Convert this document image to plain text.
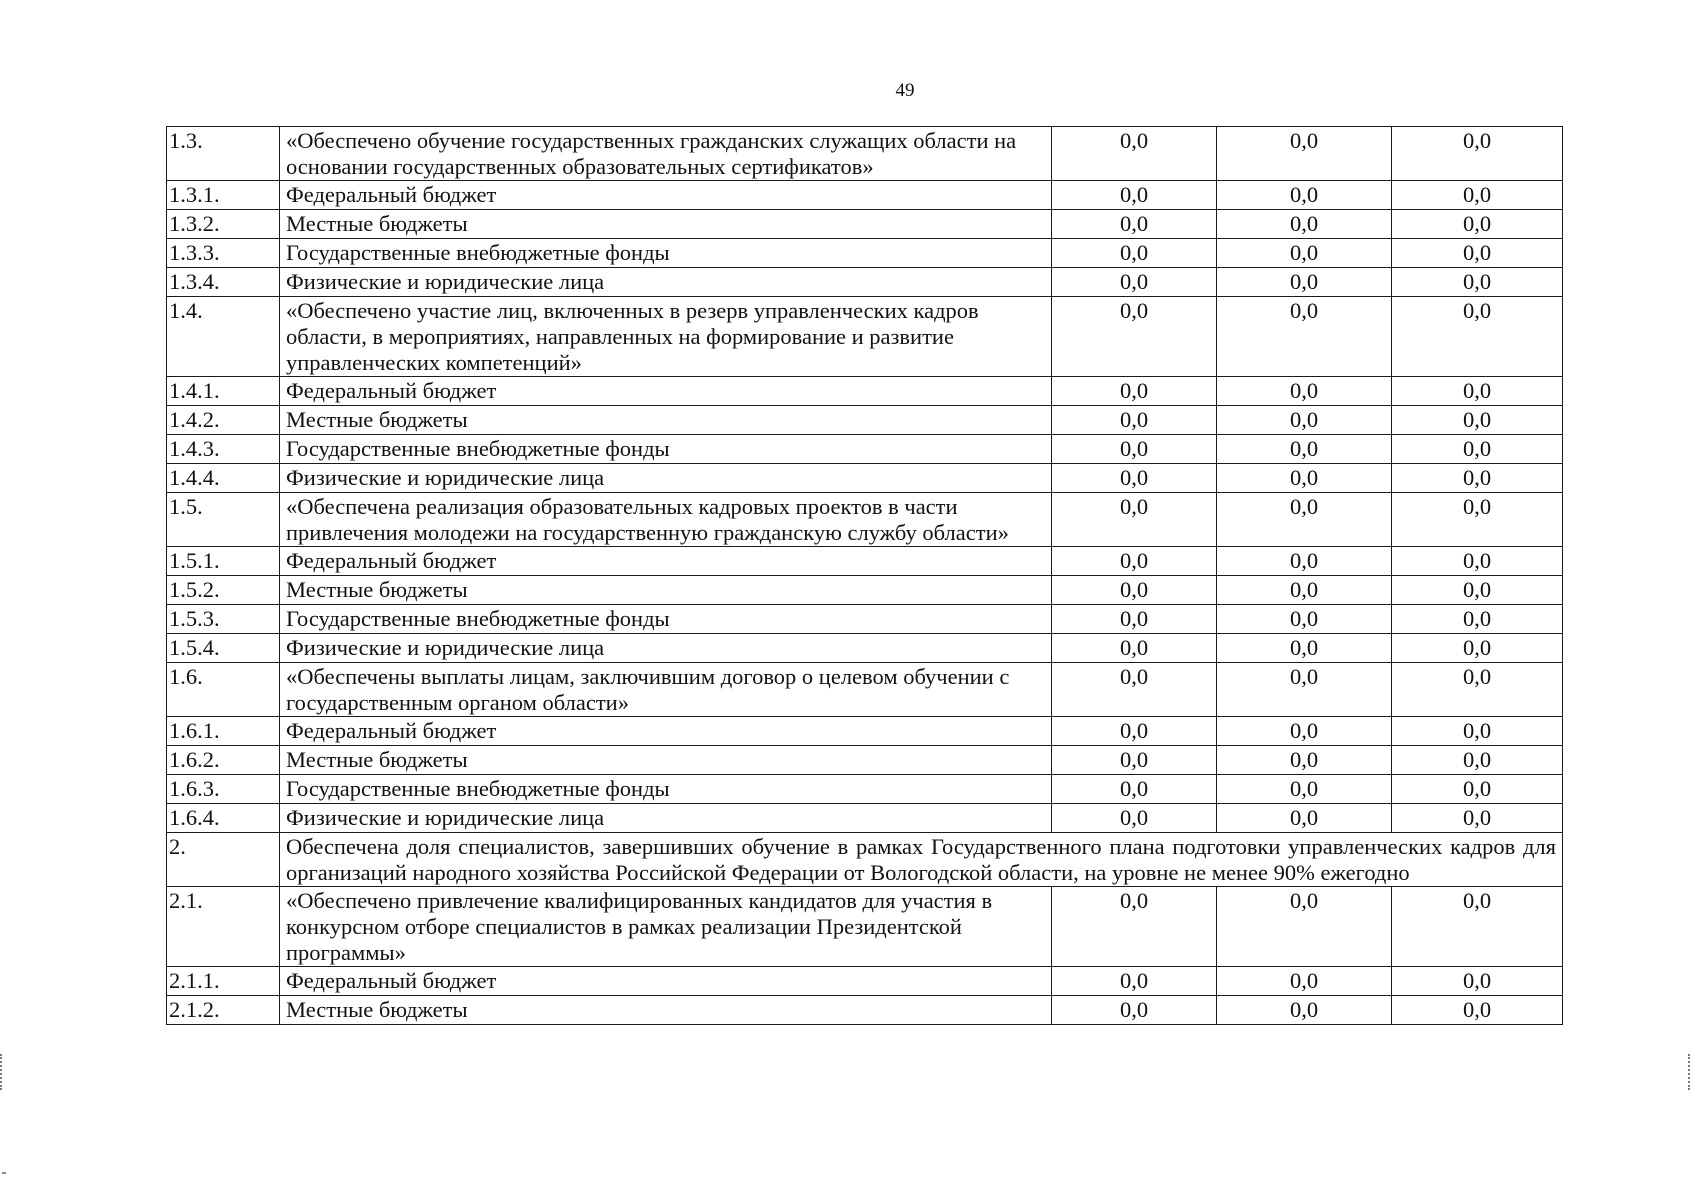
49
1.3.	«Обеспечено обучение государственных гражданских служащих области на основании государственных образовательных сертификатов»	0,0	0,0	0,0
1.3.1.	Федеральный бюджет	0,0	0,0	0,0
1.3.2.	Местные бюджеты	0,0	0,0	0,0
1.3.3.	Государственные внебюджетные фонды	0,0	0,0	0,0
1.3.4.	Физические и юридические лица	0,0	0,0	0,0
1.4.	«Обеспечено участие лиц, включенных в резерв управленческих кадров области, в мероприятиях, направленных на формирование и развитие управленческих компетенций»	0,0	0,0	0,0
1.4.1.	Федеральный бюджет	0,0	0,0	0,0
1.4.2.	Местные бюджеты	0,0	0,0	0,0
1.4.3.	Государственные внебюджетные фонды	0,0	0,0	0,0
1.4.4.	Физические и юридические лица	0,0	0,0	0,0
1.5.	«Обеспечена реализация образовательных кадровых проектов в части привлечения молодежи на государственную гражданскую службу области»	0,0	0,0	0,0
1.5.1.	Федеральный бюджет	0,0	0,0	0,0
1.5.2.	Местные бюджеты	0,0	0,0	0,0
1.5.3.	Государственные внебюджетные фонды	0,0	0,0	0,0
1.5.4.	Физические и юридические лица	0,0	0,0	0,0
1.6.	«Обеспечены выплаты лицам, заключившим договор о целевом обучении с государственным органом области»	0,0	0,0	0,0
1.6.1.	Федеральный бюджет	0,0	0,0	0,0
1.6.2.	Местные бюджеты	0,0	0,0	0,0
1.6.3.	Государственные внебюджетные фонды	0,0	0,0	0,0
1.6.4.	Физические и юридические лица	0,0	0,0	0,0
2.	Обеспечена доля специалистов, завершивших обучение в рамках Государственного плана подготовки управленческих кадров для организаций народного хозяйства Российской Федерации от Вологодской области, на уровне не менее 90% ежегодно			
2.1.	«Обеспечено привлечение квалифицированных кандидатов для участия в конкурсном отборе специалистов в рамках реализации Президентской программы»	0,0	0,0	0,0
2.1.1.	Федеральный бюджет	0,0	0,0	0,0
2.1.2.	Местные бюджеты	0,0	0,0	0,0
